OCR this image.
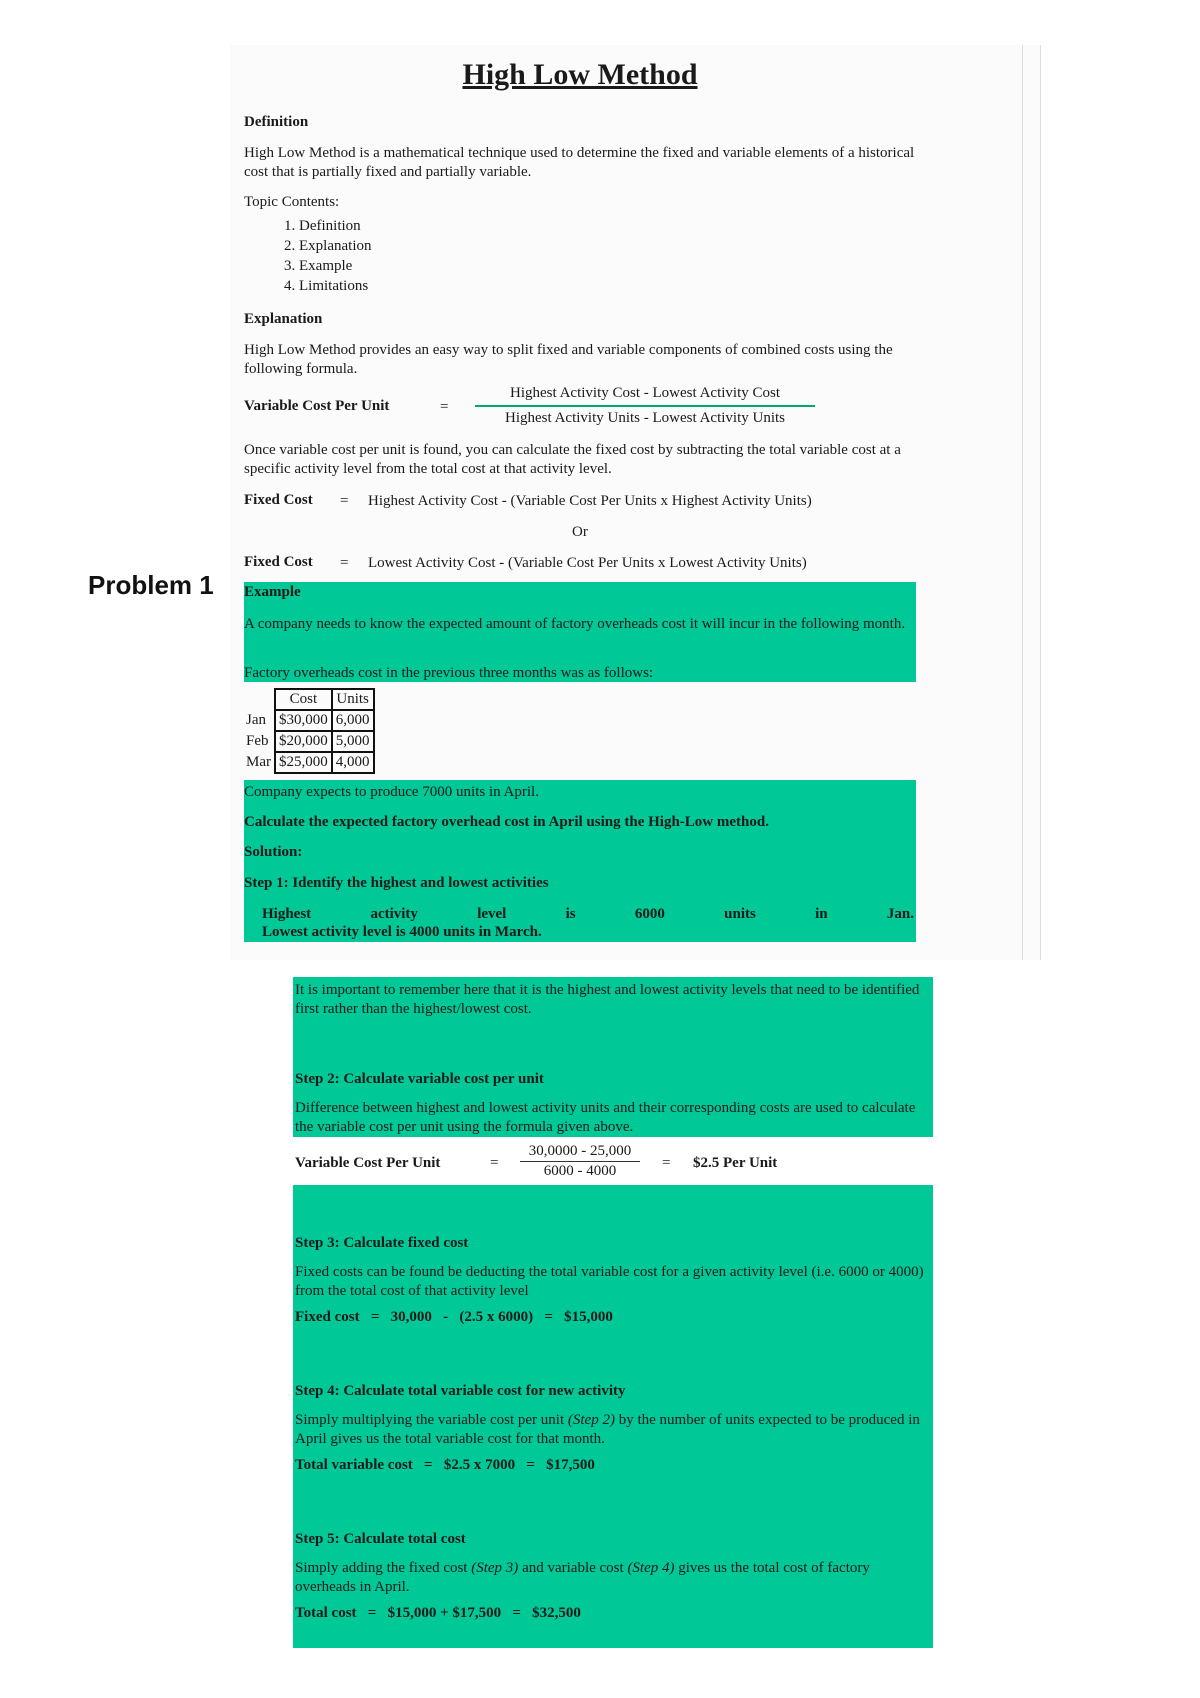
Problem 1
High Low Method
Definition
High Low Method is a mathematical technique used to determine the fixed and variable elements of a historical cost that is partially fixed and partially variable.
Topic Contents:
1. Definition
2. Explanation
3. Example
4. Limitations
Explanation
High Low Method provides an easy way to split fixed and variable components of combined costs using the following formula.
Variable Cost Per Unit	=
Highest Activity Cost - Lowest Activity Cost
Highest Activity Units - Lowest Activity Units
Once variable cost per unit is found, you can calculate the fixed cost by subtracting the total variable cost at a specific activity level from the total cost at that activity level.
Fixed Cost = Highest Activity Cost - (Variable Cost Per Units x Highest Activity Units)
Or
Fixed Cost = Lowest Activity Cost - (Variable Cost Per Units x Lowest Activity Units)
Example
A company needs to know the expected amount of factory overheads cost it will incur in the following month.
Factory overheads cost in the previous three months was as follows:
	Cost	Units
Jan	$30,000	6,000
Feb	$20,000	5,000
Mar	$25,000	4,000
Company expects to produce 7000 units in April.
Calculate the expected factory overhead cost in April using the High-Low method.
Solution:
Step 1: Identify the highest and lowest activities
Highest	activity	level	is	6000	units	in	Jan.
Lowest activity level is 4000 units in March.
It is important to remember here that it is the highest and lowest activity levels that need to be identified first rather than the highest/lowest cost.
Step 2: Calculate variable cost per unit
Difference between highest and lowest activity units and their corresponding costs are used to calculate the variable cost per unit using the formula given above.
Variable Cost Per Unit	= $\frac{30,0000 - 25,000}{6000 - 4000}$ = $2.5 Per Unit
Step 3: Calculate fixed cost
Fixed costs can be found be deducting the total variable cost for a given activity level (i.e. 6000 or 4000) from the total cost of that activity level
Fixed cost   =   30,000   -   (2.5 x 6000)   =   $15,000
Step 4: Calculate total variable cost for new activity
Simply multiplying the variable cost per unit (Step 2) by the number of units expected to be produced in April gives us the total variable cost for that month.
Total variable cost   =   $2.5 x 7000   =   $17,500
Step 5: Calculate total cost
Simply adding the fixed cost (Step 3) and variable cost (Step 4) gives us the total cost of factory overheads in April.
Total cost   =   $15,000 + $17,500   =   $32,500
